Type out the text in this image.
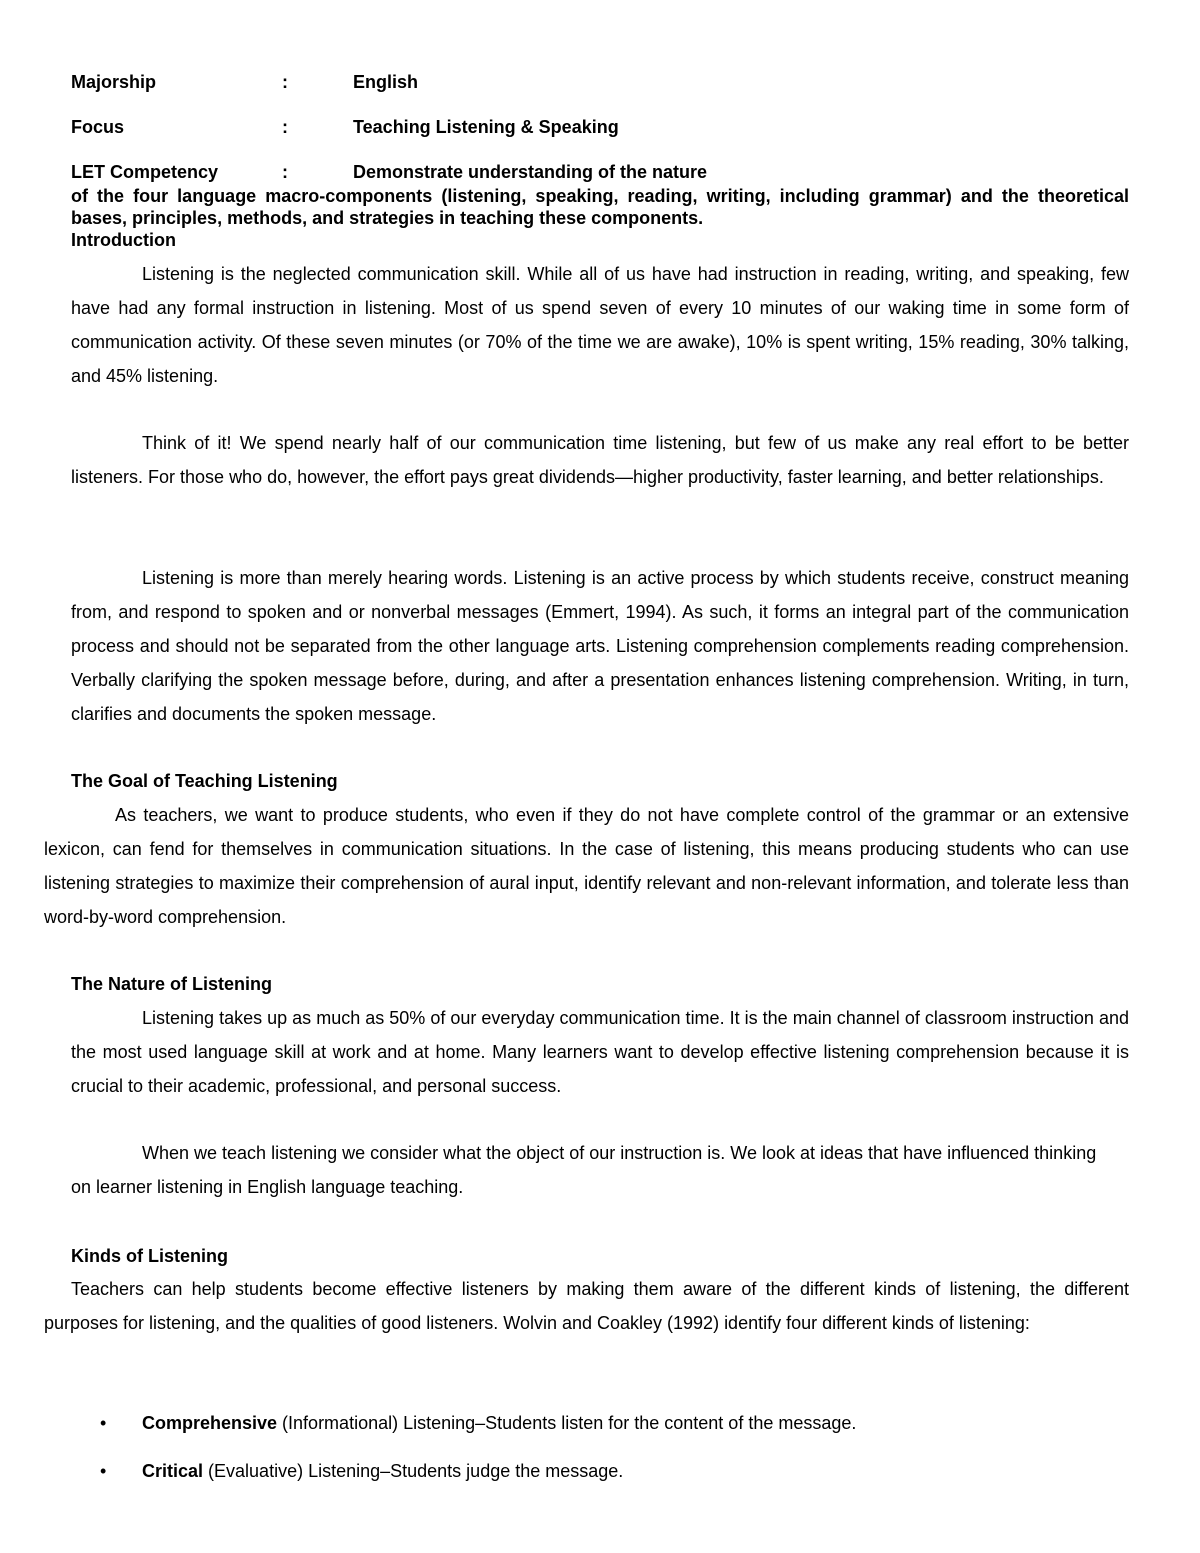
Majorship	:	English
Focus	:	Teaching Listening & Speaking
LET Competency	:	Demonstrate understanding of the nature
of the four language macro-components (listening, speaking, reading, writing, including grammar) and the theoretical bases, principles, methods, and strategies in teaching these components.
Introduction

Listening is the neglected communication skill. While all of us have had instruction in reading, writing, and speaking, few have had any formal instruction in listening. Most of us spend seven of every 10 minutes of our waking time in some form of communication activity. Of these seven minutes (or 70% of the time we are awake), 10% is spent writing, 15% reading, 30% talking, and 45% listening.

Think of it! We spend nearly half of our communication time listening, but few of us make any real effort to be better listeners. For those who do, however, the effort pays great dividends—higher productivity, faster learning, and better relationships.

Listening is more than merely hearing words. Listening is an active process by which students receive, construct meaning from, and respond to spoken and or nonverbal messages (Emmert, 1994). As such, it forms an integral part of the communication process and should not be separated from the other language arts. Listening comprehension complements reading comprehension. Verbally clarifying the spoken message before, during, and after a presentation enhances listening comprehension. Writing, in turn, clarifies and documents the spoken message.

The Goal of Teaching Listening

As teachers, we want to produce students, who even if they do not have complete control of the grammar or an extensive lexicon, can fend for themselves in communication situations. In the case of listening, this means producing students who can use listening strategies to maximize their comprehension of aural input, identify relevant and non-relevant information, and tolerate less than word-by-word comprehension.

The Nature of Listening

Listening takes up as much as 50% of our everyday communication time. It is the main channel of classroom instruction and the most used language skill at work and at home. Many learners want to develop effective listening comprehension because it is crucial to their academic, professional, and personal success.

When we teach listening we consider what the object of our instruction is. We look at ideas that have influenced thinking on learner listening in English language teaching.

Kinds of Listening

Teachers can help students become effective listeners by making them aware of the different kinds of listening, the different purposes for listening, and the qualities of good listeners. Wolvin and Coakley (1992) identify four different kinds of listening:

• Comprehensive (Informational) Listening–Students listen for the content of the message.
• Critical (Evaluative) Listening–Students judge the message.
